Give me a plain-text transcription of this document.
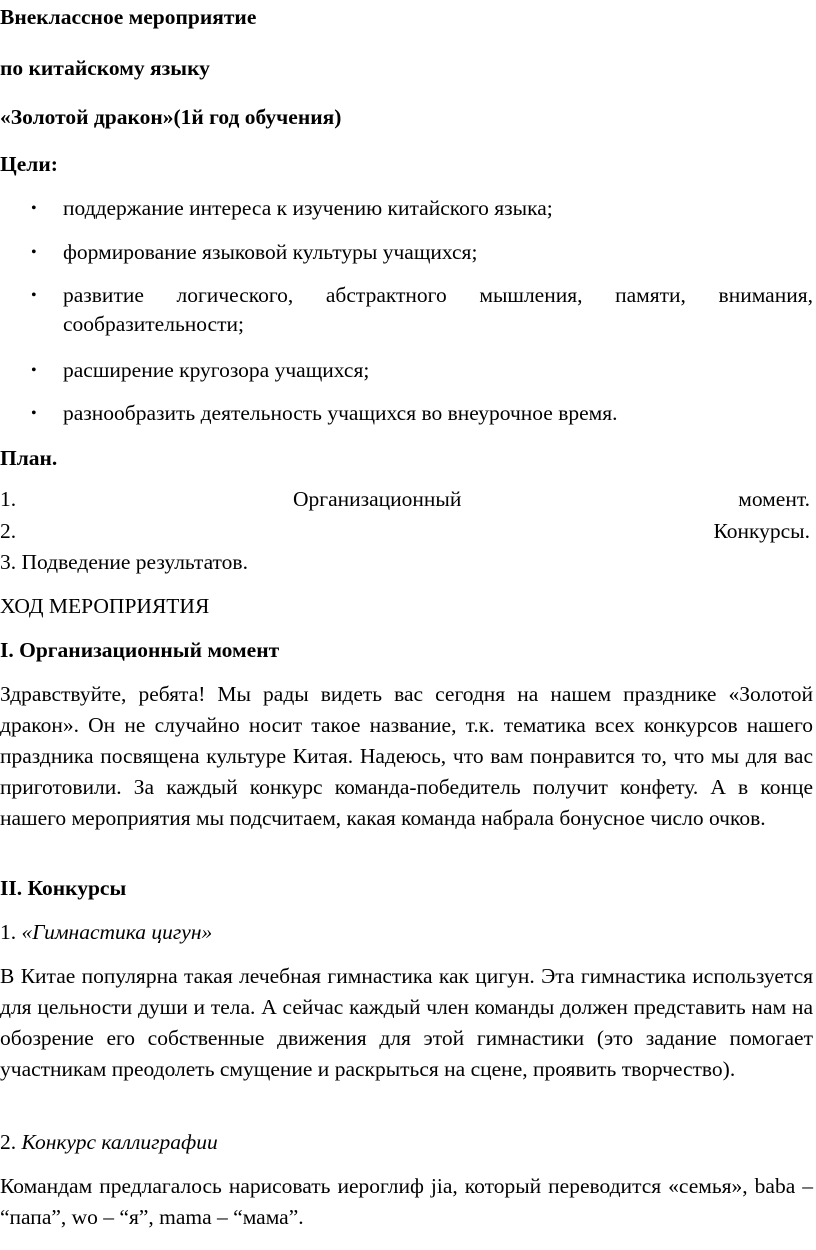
Внеклассное мероприятие
по китайскому языку
«Золотой дракон»(1й год обучения)
Цели:
• поддержание интереса к изучению китайского языка;

• формирование языковой культуры учащихся;

• развитие логического, абстрактного мышления, памяти, внимания, сообразительности;

• расширение кругозора учащихся;

• разнообразить деятельность учащихся во внеурочное время.

План.
1.	Организационный	момент.
2.	Конкурсы.
3. Подведение результатов.
ХОД МЕРОПРИЯТИЯ
I. Организационный момент

Здравствуйте, ребята! Мы рады видеть вас сегодня на нашем празднике «Золотой дракон». Он не случайно носит такое название, т.к. тематика всех конкурсов нашего праздника посвящена культуре Китая. Надеюсь, что вам понравится то, что мы для вас приготовили. За каждый конкурс команда-победитель получит конфету. А в конце нашего мероприятия мы подсчитаем, какая команда набрала бонусное число очков.

II. Конкурсы
1. «Гимнастика цигун»

В Китае популярна такая лечебная гимнастика как цигун. Эта гимнастика используется для цельности души и тела. А сейчас каждый член команды должен представить нам на обозрение его собственные движения для этой гимнастики (это задание помогает участникам преодолеть смущение и раскрыться на сцене, проявить творчество).

2. Конкурс каллиграфии

Командам предлагалось нарисовать иероглиф jia, который переводится «семья», baba – “папа”, wo – “я”, mama – “мама”.
